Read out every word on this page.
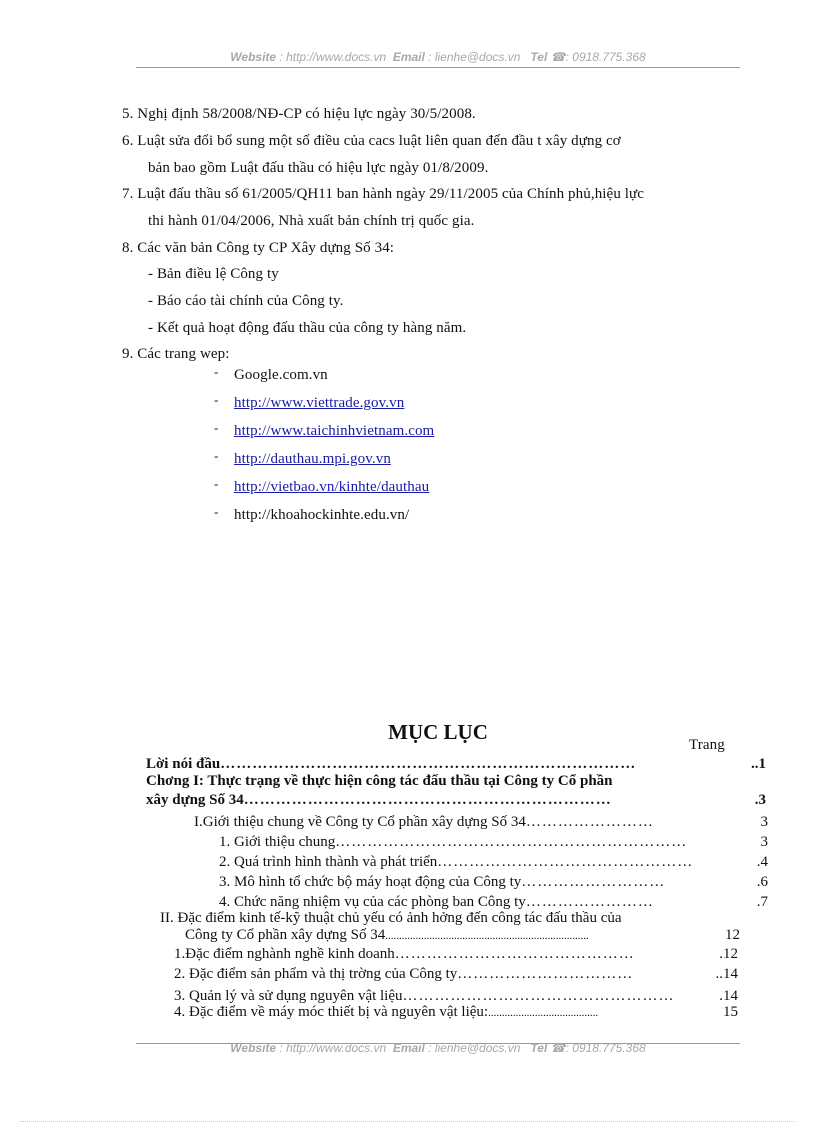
Website : http://www.docs.vn Email : lienhe@docs.vn Tel ☎: 0918.775.368
5. Nghị định 58/2008/NĐ-CP có hiệu lực ngày 30/5/2008.
6. Luật sửa đổi bổ sung một số điều của cacs luật liên quan đến đầu t xây dựng cơ
bản bao gồm Luật đấu thầu có hiệu lực ngày 01/8/2009.
7. Luật đấu thầu số 61/2005/QH11 ban hành ngày 29/11/2005 của Chính phủ,hiệu lực
thi hành 01/04/2006, Nhà xuất bản chính trị quốc gia.
8. Các văn bản Công ty CP Xây dựng Số 34:
- Bản điều lệ Công ty
- Báo cáo tài chính của Công ty.
- Kết quả hoạt động đấu thầu của công ty hàng năm.
9. Các trang wep:
- Google.com.vn
- http://www.viettrade.gov.vn
- http://www.taichinhvietnam.com
- http://dauthau.mpi.gov.vn
- http://vietbao.vn/kinhte/dauthau
- http://khoahockinhte.edu.vn/
MỤC LỤC
Trang
Lời nói đầu……………………………………………………………………	..1
Chơng I: Thực trạng về thực hiện công tác đấu thầu tại Công ty Cổ phần
xây dựng Số 34……………………………………………………………	.3
I.Giới thiệu chung về Công ty Cổ phần xây dựng Số 34……………………	3
1. Giới thiệu chung…………………………………………………………	3
2. Quá trình hình thành và phát triển…………………………………………	.4
3. Mô hình tổ chức bộ máy hoạt động của Công ty………………………	.6
4. Chức năng nhiệm vụ của các phòng ban Công ty……………………	.7
II. Đặc điểm kinh tế-kỹ thuật chủ yếu có ảnh hởng đến công tác đấu thầu của
Công ty Cổ phần xây dựng Số 34..........................................................................	12
1.Đặc điểm nghành nghề kinh doanh………………………………………	.12
2. Đặc điểm sản phẩm và thị trờng của Công ty……………………………	..14
3. Quản lý và sử dụng nguyên vật liệu……………………………………………	.14
4. Đặc điểm về máy móc thiết bị và nguyên vật liệu:........................................	15
Website : http://www.docs.vn Email : lienhe@docs.vn Tel ☎: 0918.775.368
